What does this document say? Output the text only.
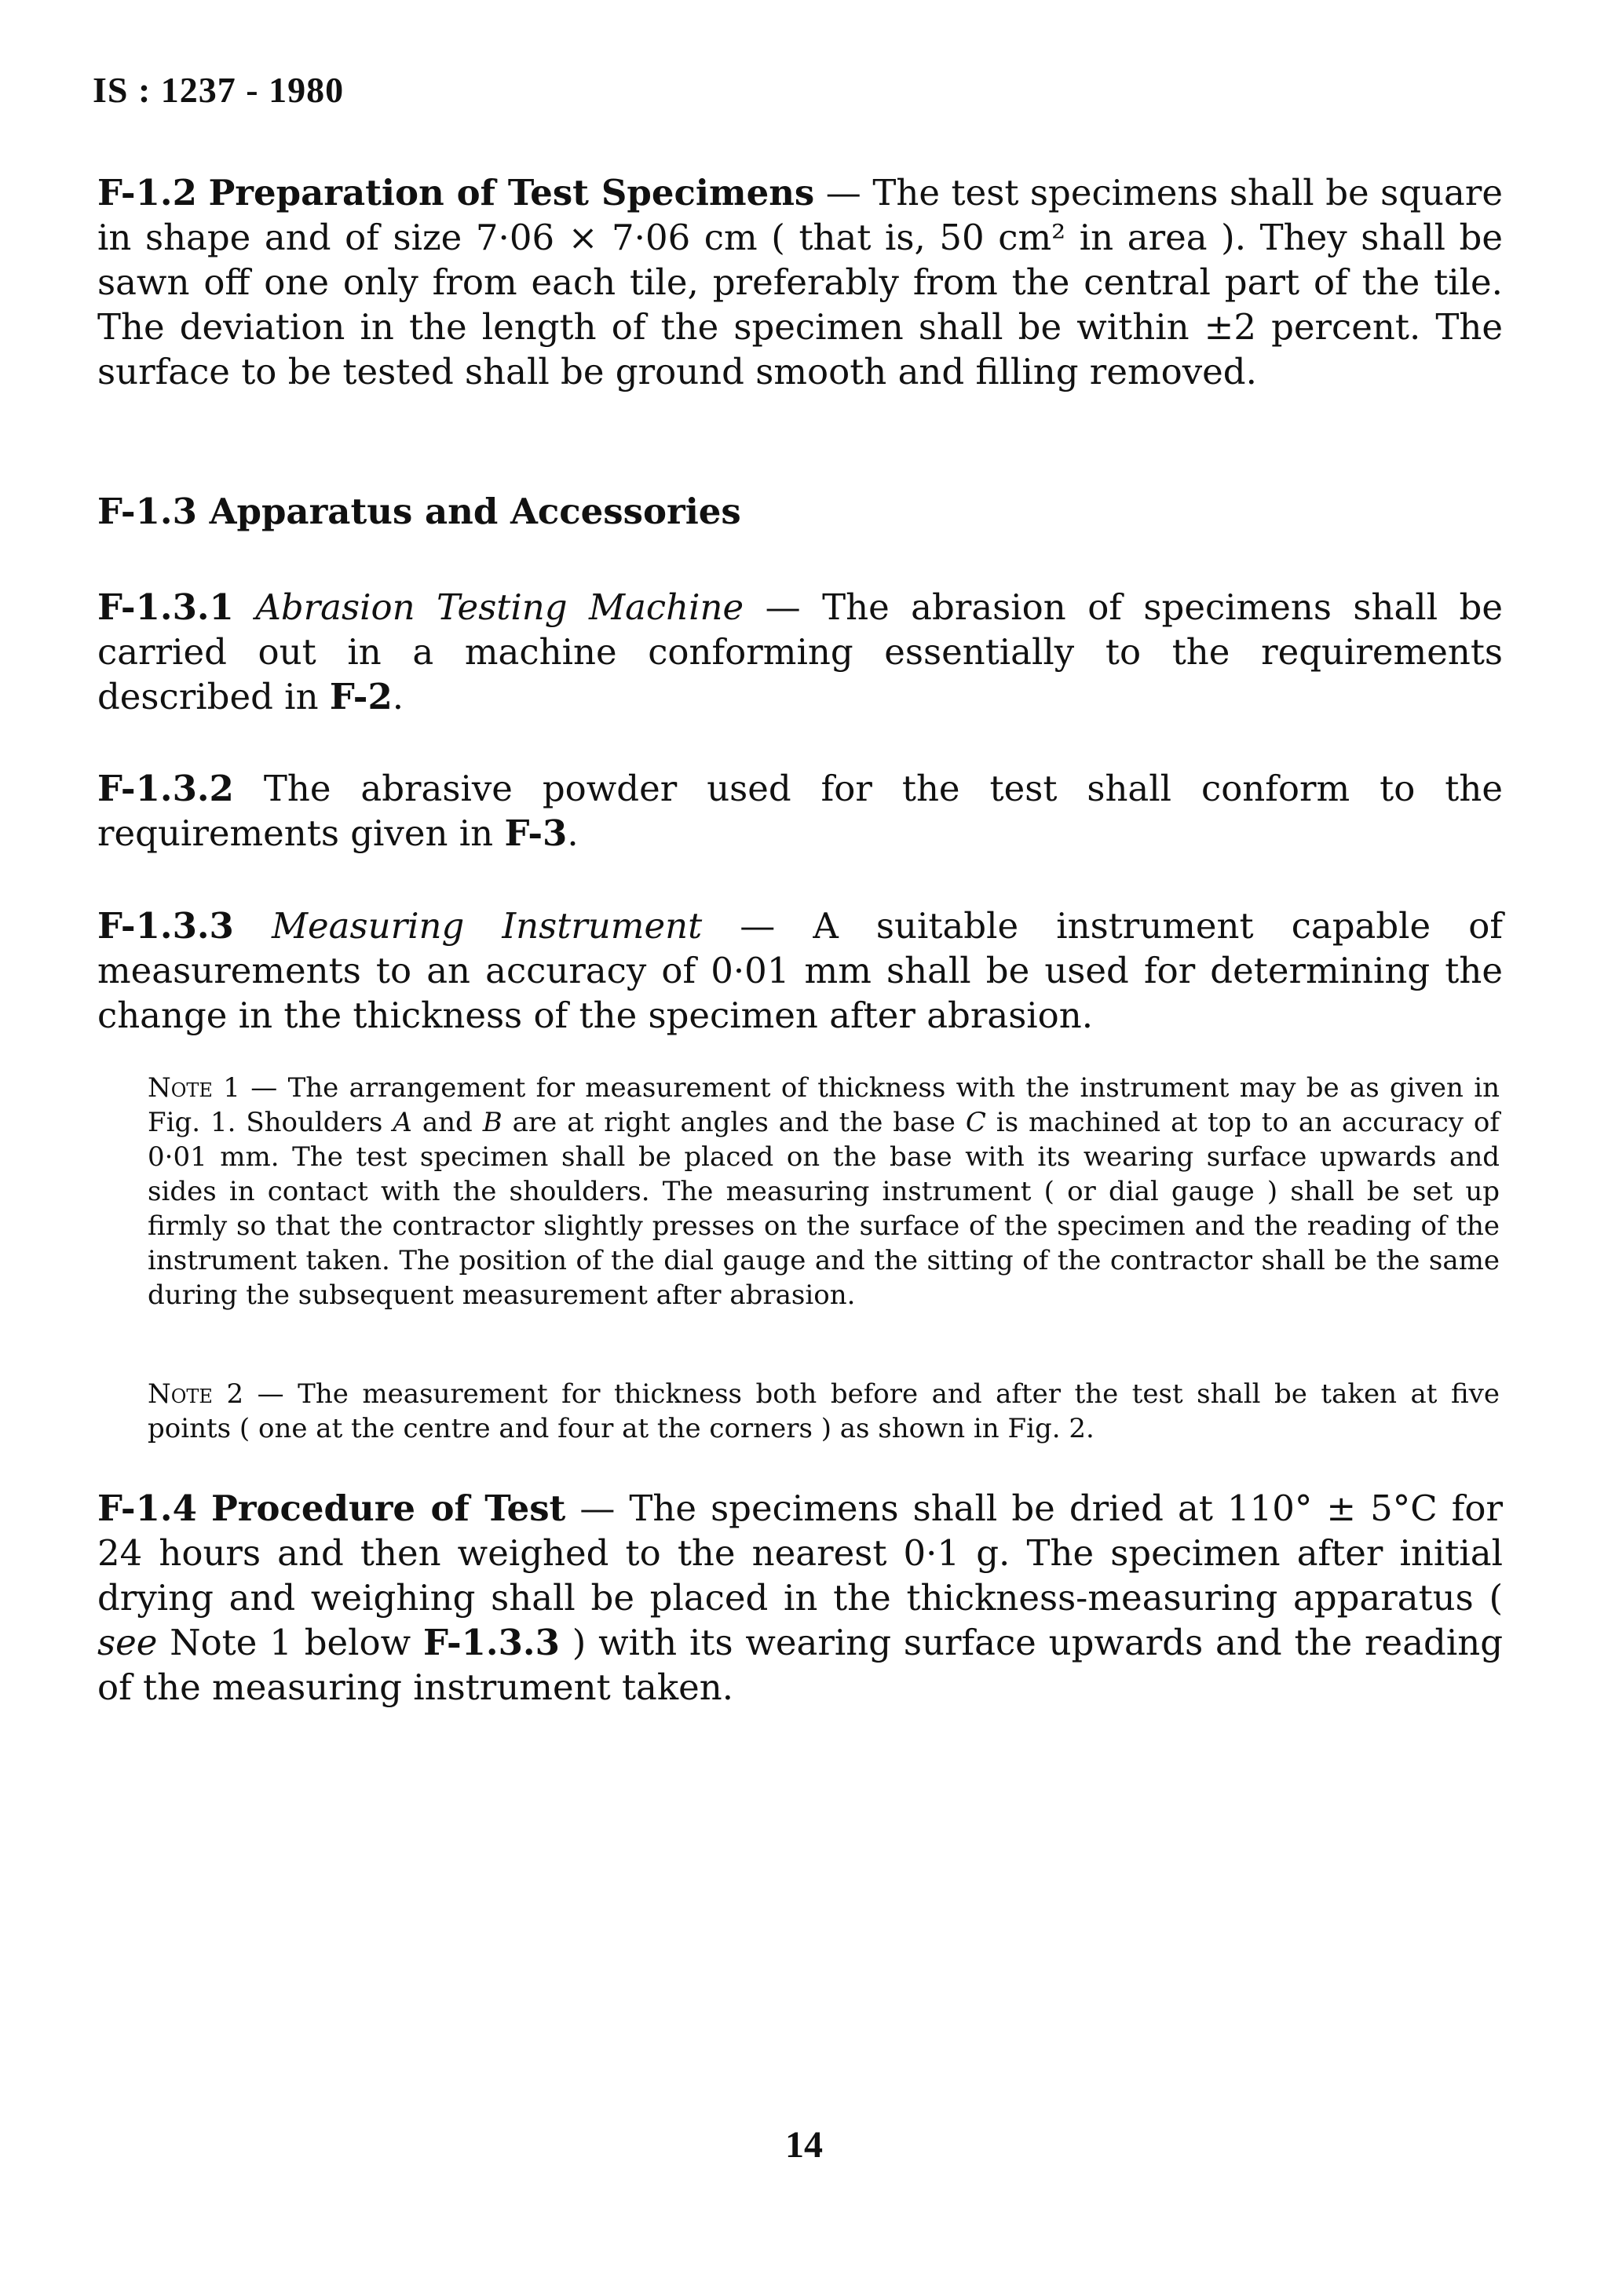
IS : 1237 - 1980
F-1.2 Preparation of Test Specimens — The test specimens shall be square in shape and of size 7·06 × 7·06 cm ( that is, 50 cm² in area ). They shall be sawn off one only from each tile, preferably from the central part of the tile. The deviation in the length of the specimen shall be within ±2 percent. The surface to be tested shall be ground smooth and filling removed.
F-1.3 Apparatus and Accessories
F-1.3.1 Abrasion Testing Machine — The abrasion of specimens shall be carried out in a machine conforming essentially to the requirements described in F-2.
F-1.3.2 The abrasive powder used for the test shall conform to the requirements given in F-3.
F-1.3.3 Measuring Instrument — A suitable instrument capable of measurements to an accuracy of 0·01 mm shall be used for determining the change in the thickness of the specimen after abrasion.
Note 1 — The arrangement for measurement of thickness with the instrument may be as given in Fig. 1. Shoulders A and B are at right angles and the base C is machined at top to an accuracy of 0·01 mm. The test specimen shall be placed on the base with its wearing surface upwards and sides in contact with the shoulders. The measuring instrument ( or dial gauge ) shall be set up firmly so that the contractor slightly presses on the surface of the specimen and the reading of the instrument taken. The position of the dial gauge and the sitting of the contractor shall be the same during the subsequent measurement after abrasion.
Note 2 — The measurement for thickness both before and after the test shall be taken at five points ( one at the centre and four at the corners ) as shown in Fig. 2.
F-1.4 Procedure of Test — The specimens shall be dried at 110° ± 5°C for 24 hours and then weighed to the nearest 0·1 g. The specimen after initial drying and weighing shall be placed in the thickness-measuring apparatus ( see Note 1 below F-1.3.3 ) with its wearing surface upwards and the reading of the measuring instrument taken.
14
